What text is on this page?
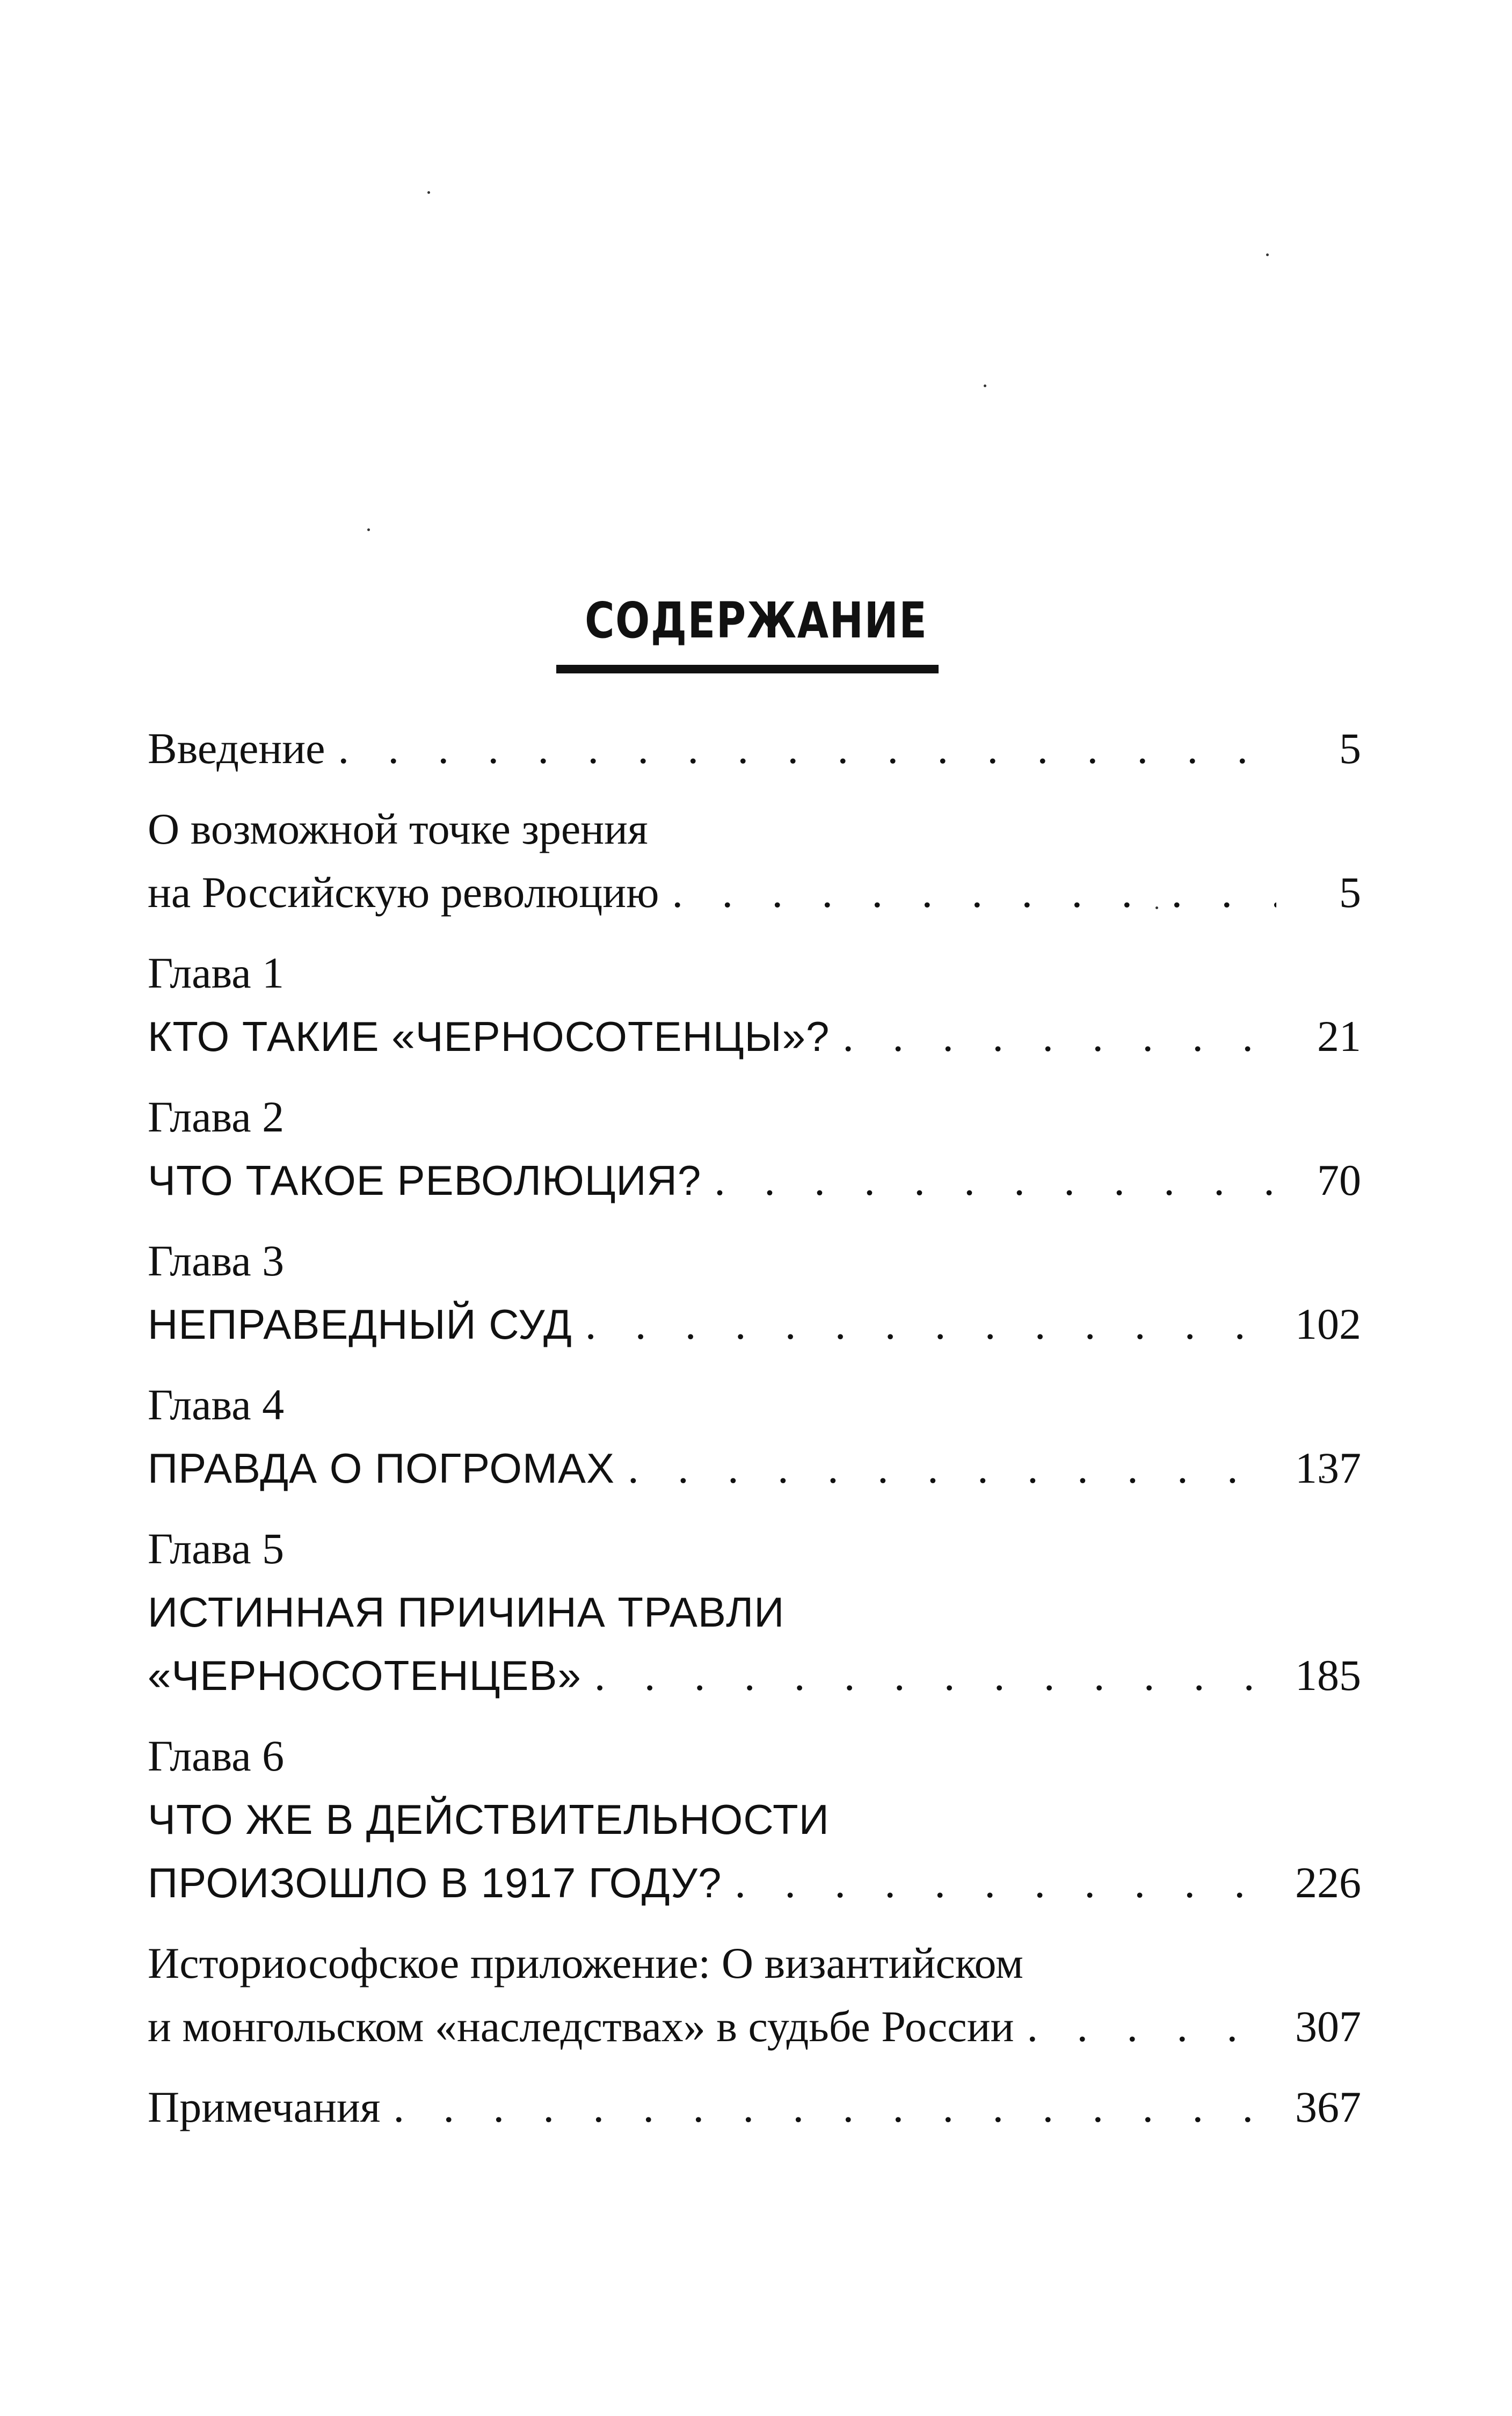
СОДЕРЖАНИЕ
Введение . . .	5
О возможной точке зрения
на Российскую революцию . . .	5
Глава 1
КТО ТАКИЕ «ЧЕРНОСОТЕНЦЫ»? . . .	21
Глава 2
ЧТО ТАКОЕ РЕВОЛЮЦИЯ? . . .	70
Глава 3
НЕПРАВЕДНЫЙ СУД . . .	102
Глава 4
ПРАВДА О ПОГРОМАХ . . .	137
Глава 5
ИСТИННАЯ ПРИЧИНА ТРАВЛИ
«ЧЕРНОСОТЕНЦЕВ» . . .	185
Глава 6
ЧТО ЖЕ В ДЕЙСТВИТЕЛЬНОСТИ
ПРОИЗОШЛО В 1917 ГОДУ? . . .	226
Историософское приложение: О византийском
и монгольском «наследствах» в судьбе России . . .	307
Примечания . . .	367
